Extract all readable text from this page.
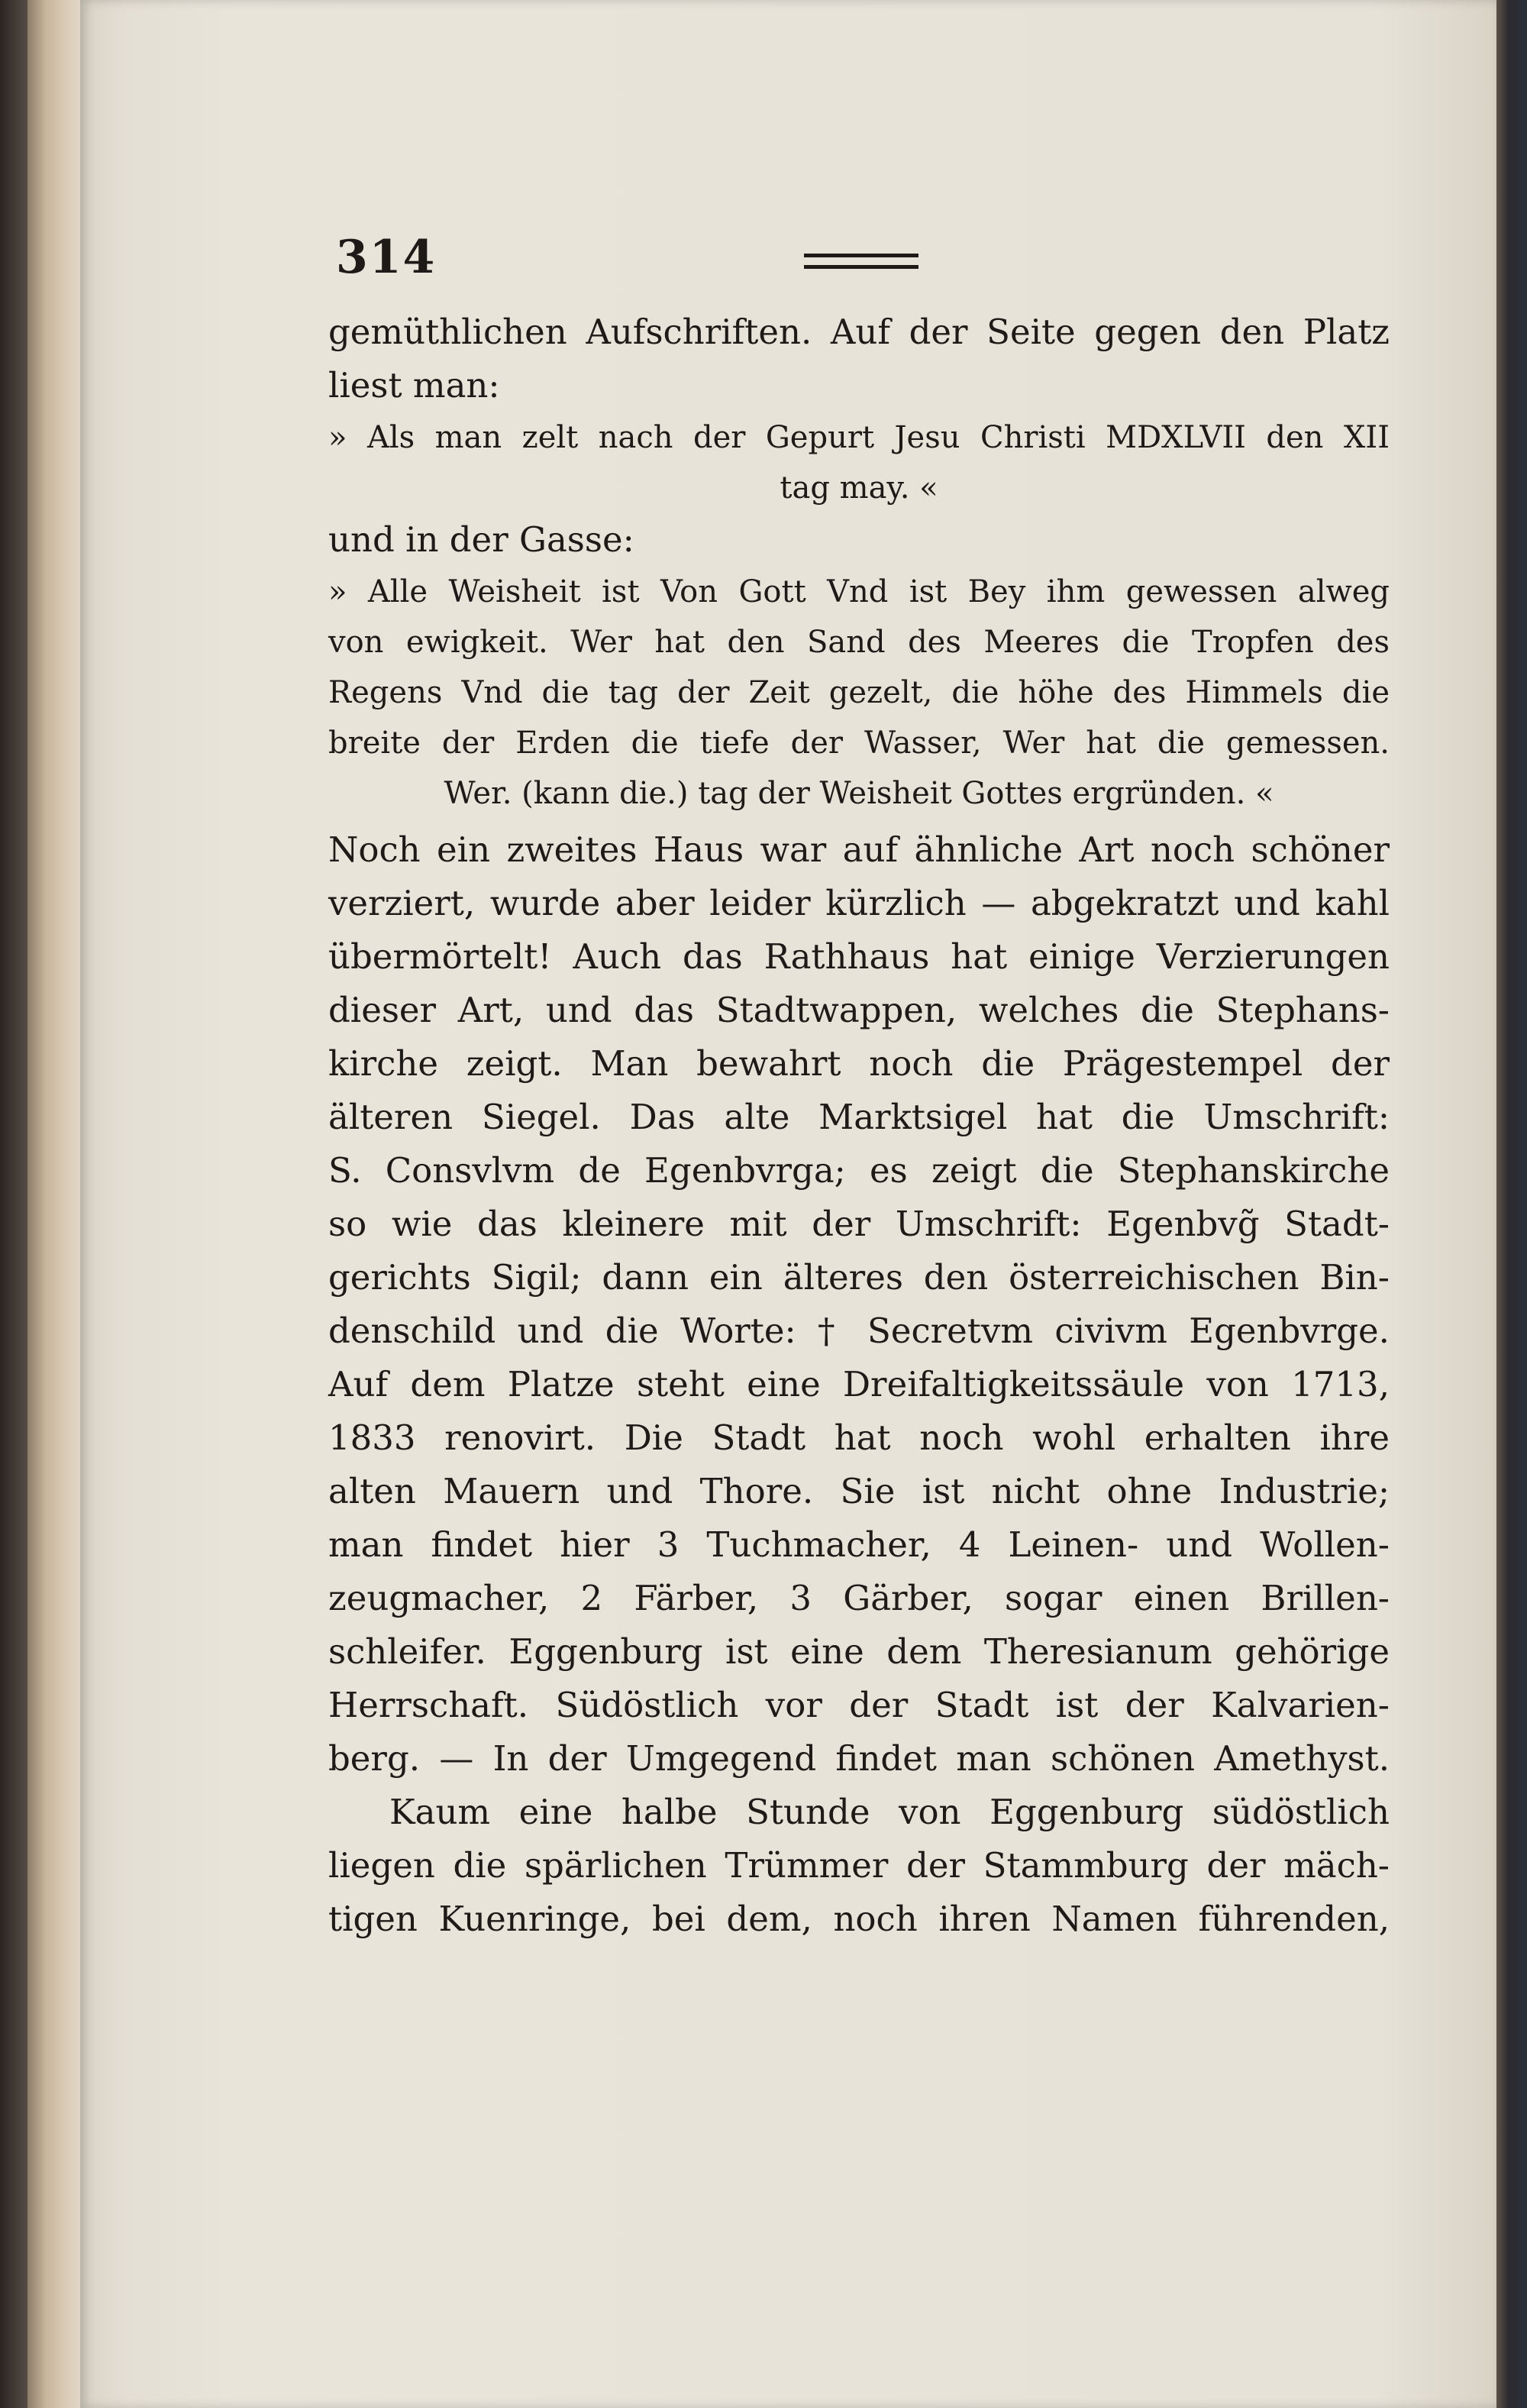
314
gemüthlichen Aufschriften. Auf der Seite gegen den Platz
liest man:
» Als man zelt nach der Gepurt Jesu Christi MDXLVII den XII
tag may. «
und in der Gasse:
» Alle Weisheit ist Von Gott Vnd ist Bey ihm gewessen alweg
von ewigkeit. Wer hat den Sand des Meeres die Tropfen des
Regens Vnd die tag der Zeit gezelt, die höhe des Himmels die
breite der Erden die tiefe der Wasser, Wer hat die gemessen.
Wer. (kann die.) tag der Weisheit Gottes ergründen. «
Noch ein zweites Haus war auf ähnliche Art noch schöner
verziert, wurde aber leider kürzlich — abgekratzt und kahl
übermörtelt! Auch das Rathhaus hat einige Verzierungen
dieser Art, und das Stadtwappen, welches die Stephans-
kirche zeigt. Man bewahrt noch die Prägestempel der
älteren Siegel. Das alte Marktsigel hat die Umschrift:
S. Consvlvm de Egenbvrga; es zeigt die Stephanskirche
so wie das kleinere mit der Umschrift: Egenbvg̃ Stadt-
gerichts Sigil; dann ein älteres den österreichischen Bin-
denschild und die Worte: † Secretvm civivm Egenbvrge.
Auf dem Platze steht eine Dreifaltigkeitssäule von 1713,
1833 renovirt. Die Stadt hat noch wohl erhalten ihre
alten Mauern und Thore. Sie ist nicht ohne Industrie;
man findet hier 3 Tuchmacher, 4 Leinen- und Wollen-
zeugmacher, 2 Färber, 3 Gärber, sogar einen Brillen-
schleifer. Eggenburg ist eine dem Theresianum gehörige
Herrschaft. Südöstlich vor der Stadt ist der Kalvarien-
berg. — In der Umgegend findet man schönen Amethyst.
Kaum eine halbe Stunde von Eggenburg südöstlich
liegen die spärlichen Trümmer der Stammburg der mäch-
tigen Kuenringe, bei dem, noch ihren Namen führenden,
